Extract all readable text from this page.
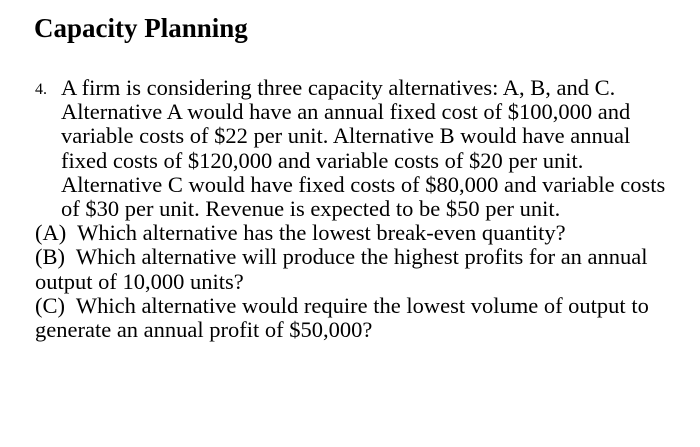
Capacity Planning
4. A firm is considering three capacity alternatives: A, B, and C. Alternative A would have an annual fixed cost of $100,000 and variable costs of $22 per unit. Alternative B would have annual fixed costs of $120,000 and variable costs of $20 per unit. Alternative C would have fixed costs of $80,000 and variable costs of $30 per unit. Revenue is expected to be $50 per unit.
(A) Which alternative has the lowest break-even quantity?
(B) Which alternative will produce the highest profits for an annual output of 10,000 units?
(C) Which alternative would require the lowest volume of output to generate an annual profit of $50,000?
